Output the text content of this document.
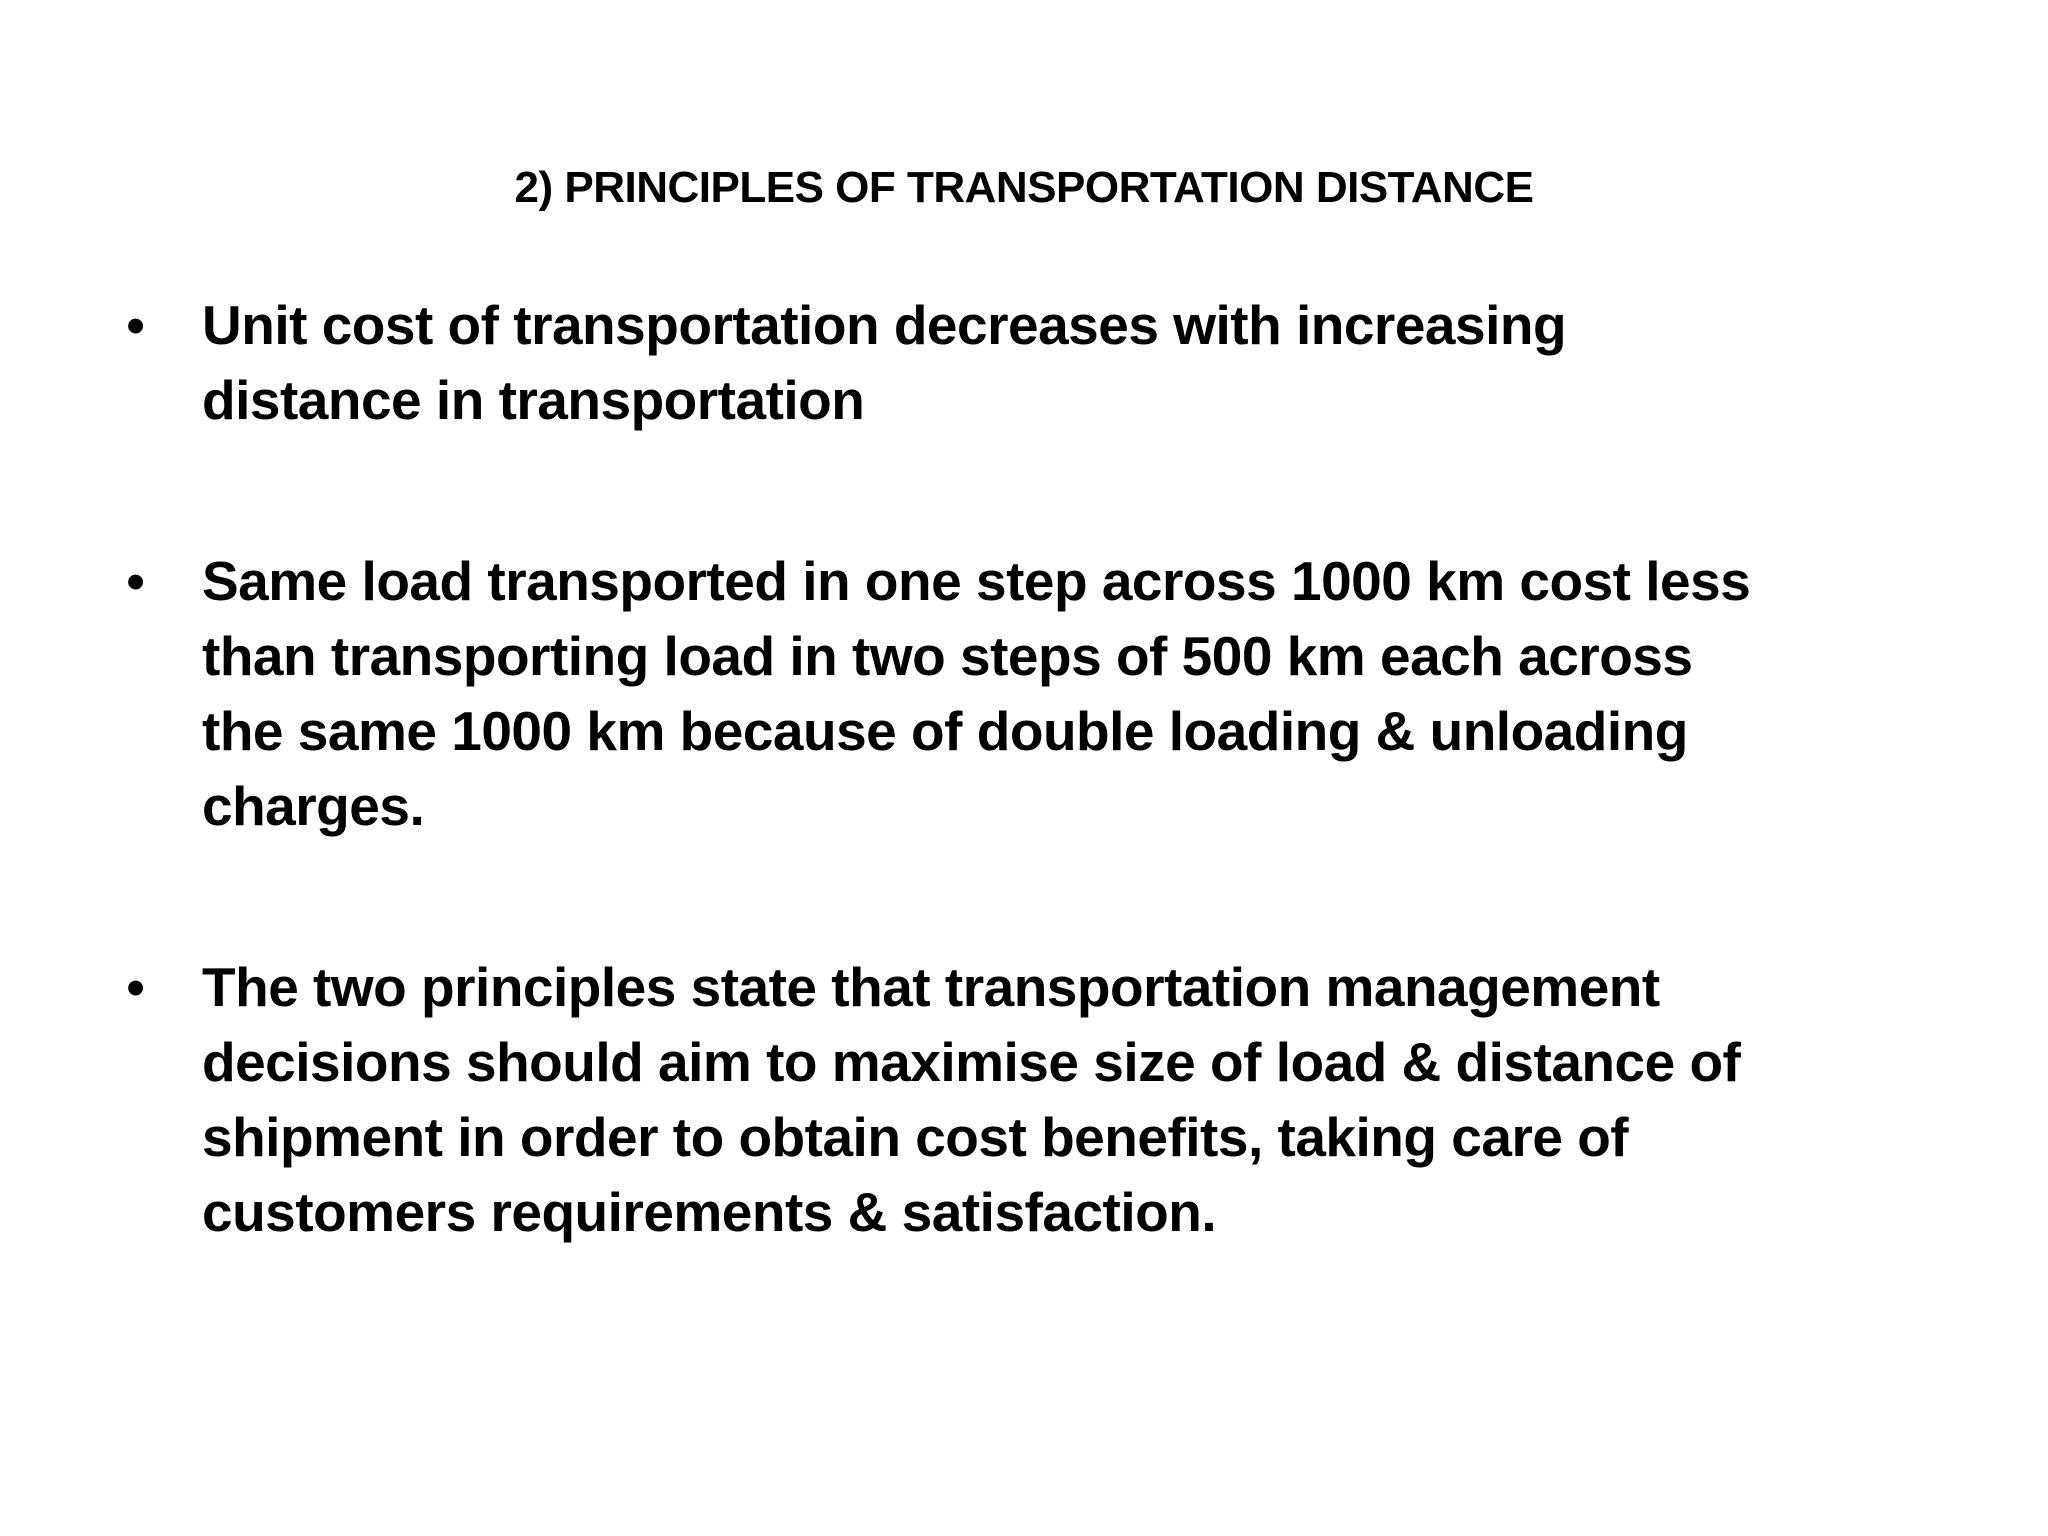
2) PRINCIPLES OF TRANSPORTATION DISTANCE
•	Unit cost of transportation decreases with increasing
distance in transportation
•	Same load transported in one step across 1000 km cost less
than transporting load in two steps of 500 km each across
the same 1000 km because of double loading & unloading
charges.
•	The two principles state that transportation management
decisions should aim to maximise size of load & distance of
shipment in order to obtain cost benefits, taking care of
customers requirements & satisfaction.
